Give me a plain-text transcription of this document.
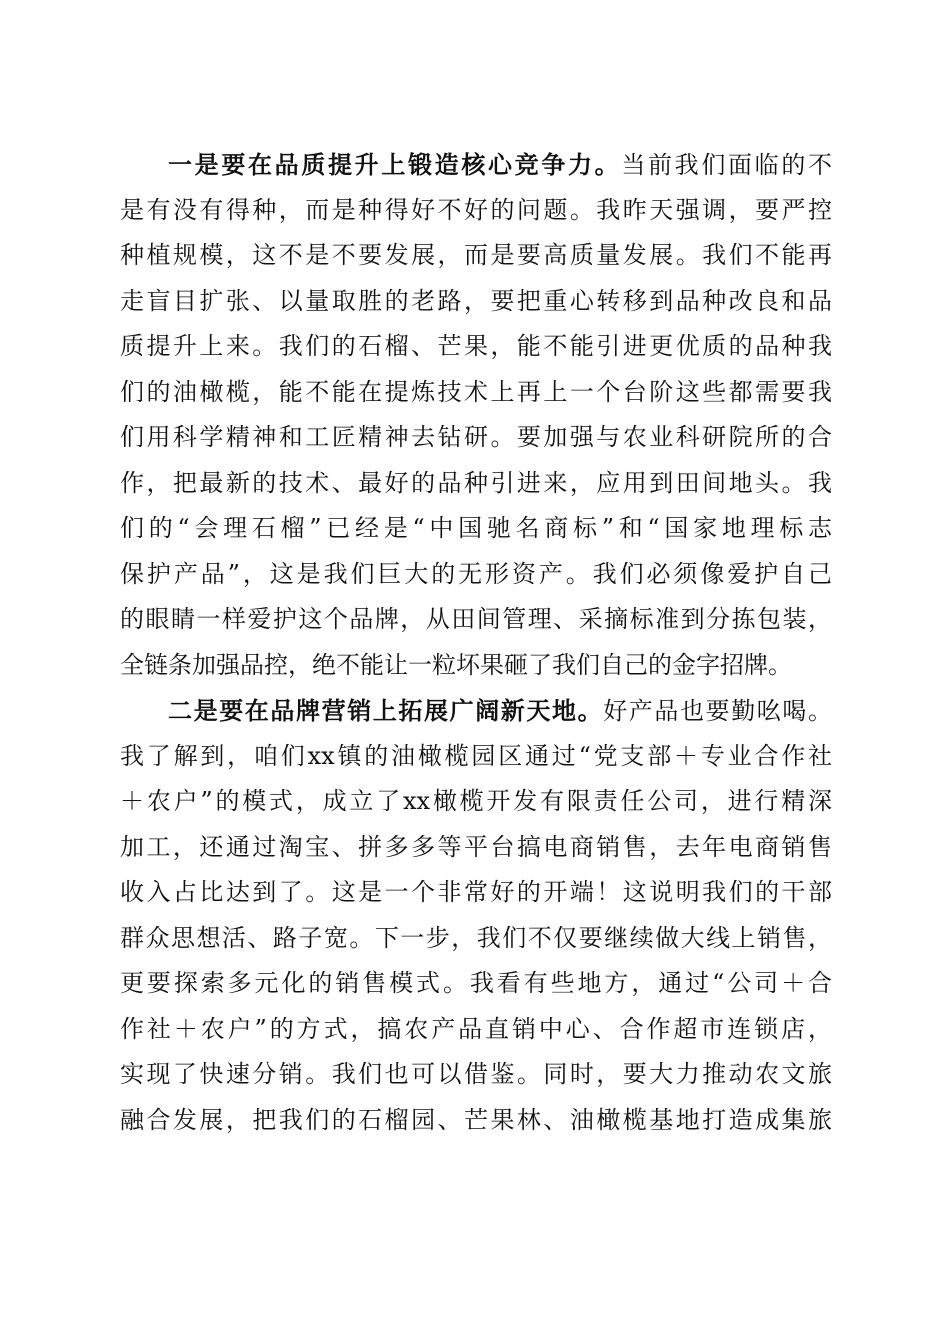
一是要在品质提升上锻造核心竞争力。当前我们面临的不
是有没有得种，而是种得好不好的问题。我昨天强调，要严控
种植规模，这不是不要发展，而是要高质量发展。我们不能再
走盲目扩张、以量取胜的老路，要把重心转移到品种改良和品
质提升上来。我们的石榴、芒果，能不能引进更优质的品种我
们的油橄榄，能不能在提炼技术上再上一个台阶这些都需要我
们用科学精神和工匠精神去钻研。要加强与农业科研院所的合
作，把最新的技术、最好的品种引进来，应用到田间地头。我
们的“会理石榴”已经是“中国驰名商标”和“国家地理标志
保护产品”，这是我们巨大的无形资产。我们必须像爱护自己
的眼睛一样爱护这个品牌，从田间管理、采摘标准到分拣包装，
全链条加强品控，绝不能让一粒坏果砸了我们自己的金字招牌。
二是要在品牌营销上拓展广阔新天地。好产品也要勤吆喝。
我了解到，咱们xx镇的油橄榄园区通过“党支部＋专业合作社
＋农户”的模式，成立了xx橄榄开发有限责任公司，进行精深
加工，还通过淘宝、拼多多等平台搞电商销售，去年电商销售
收入占比达到了。这是一个非常好的开端！这说明我们的干部
群众思想活、路子宽。下一步，我们不仅要继续做大线上销售，
更要探索多元化的销售模式。我看有些地方，通过“公司＋合
作社＋农户”的方式，搞农产品直销中心、合作超市连锁店，
实现了快速分销。我们也可以借鉴。同时，要大力推动农文旅
融合发展，把我们的石榴园、芒果林、油橄榄基地打造成集旅
